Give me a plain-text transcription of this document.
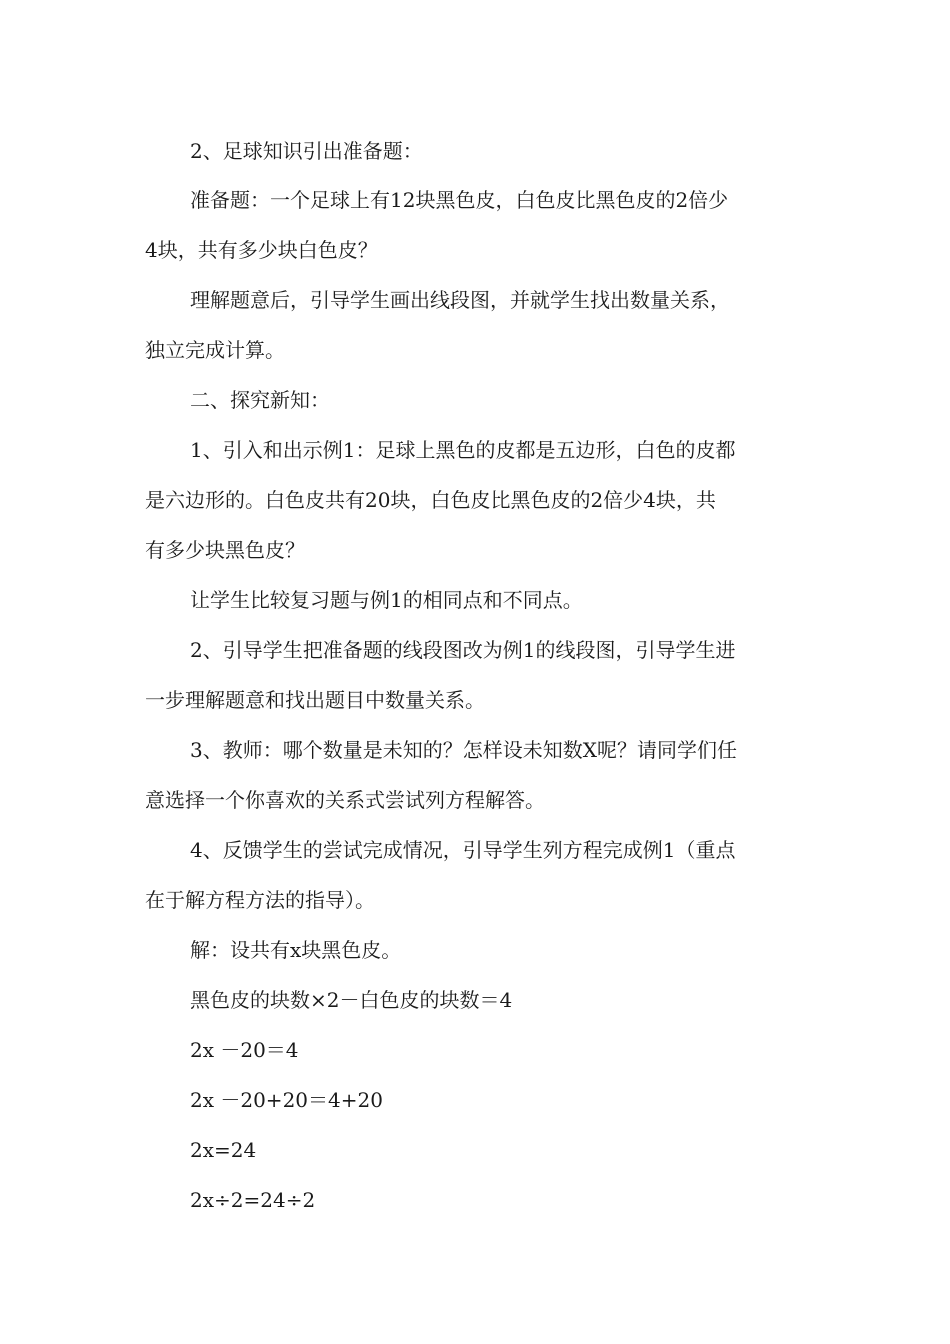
2、足球知识引出准备题：
准备题：一个足球上有12块黑色皮，白色皮比黑色皮的2倍少
4块，共有多少块白色皮？
理解题意后，引导学生画出线段图，并就学生找出数量关系，
独立完成计算。
二、探究新知：
1、引入和出示例1：足球上黑色的皮都是五边形，白色的皮都
是六边形的。白色皮共有20块，白色皮比黑色皮的2倍少4块，共
有多少块黑色皮？
让学生比较复习题与例1的相同点和不同点。
2、引导学生把准备题的线段图改为例1的线段图，引导学生进
一步理解题意和找出题目中数量关系。
3、教师：哪个数量是未知的？怎样设未知数X呢？请同学们任
意选择一个你喜欢的关系式尝试列方程解答。
4、反馈学生的尝试完成情况，引导学生列方程完成例1（重点
在于解方程方法的指导）。
解：设共有x块黑色皮。
黑色皮的块数×2－白色皮的块数＝4
2x －20＝4
2x －20+20＝4+20
2x=24
2x÷2=24÷2
